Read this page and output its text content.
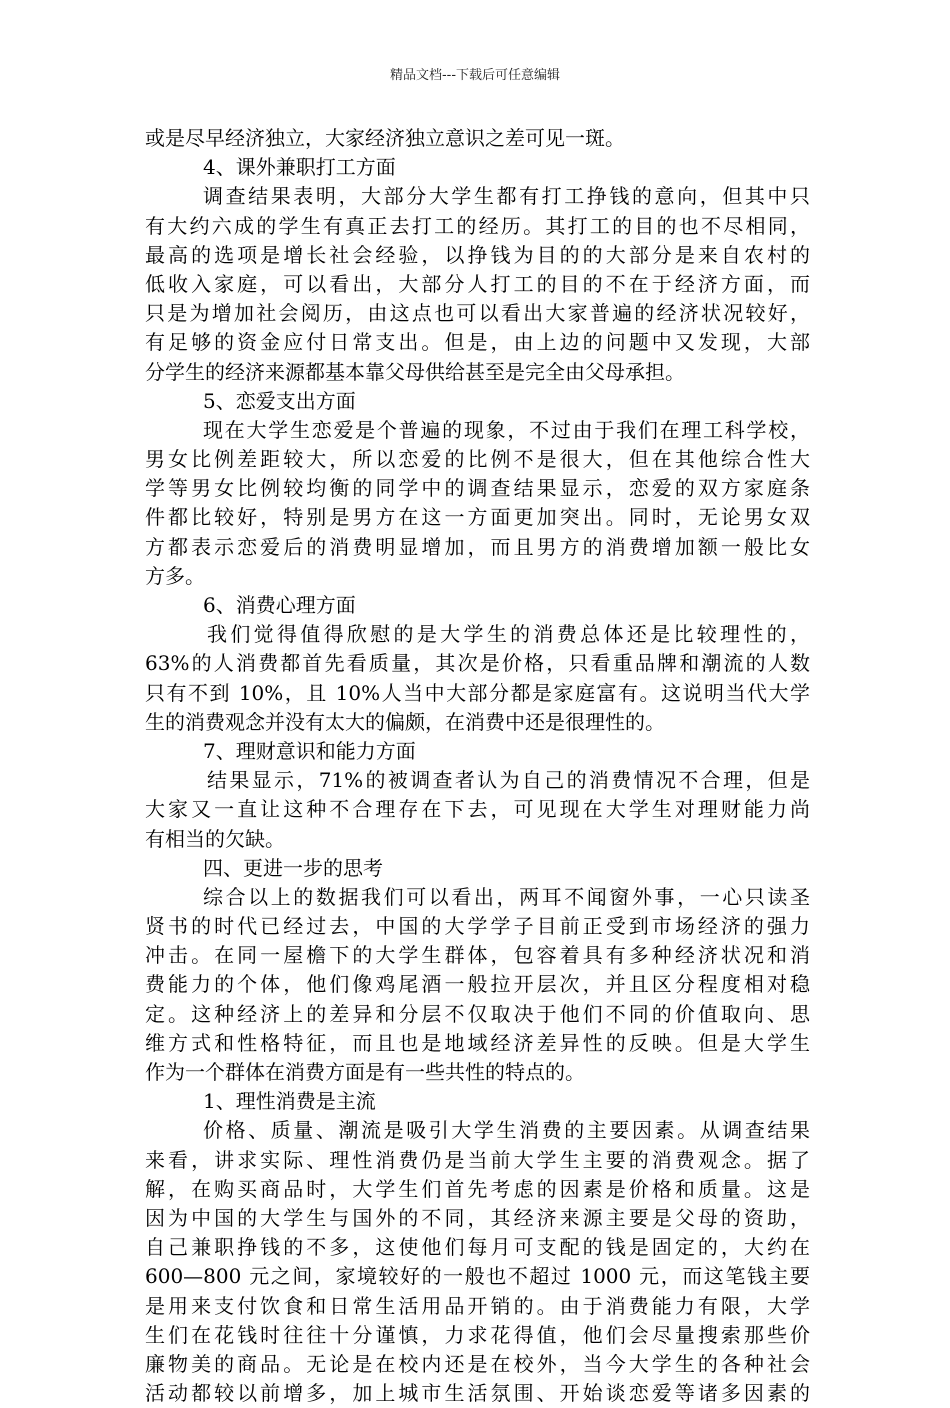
精品文档---下载后可任意编辑
或是尽早经济独立，大家经济独立意识之差可见一斑。
4、课外兼职打工方面
调查结果表明，大部分大学生都有打工挣钱的意向，但其中只
有大约六成的学生有真正去打工的经历。其打工的目的也不尽相同，
最高的选项是增长社会经验，以挣钱为目的的大部分是来自农村的
低收入家庭，可以看出，大部分人打工的目的不在于经济方面，而
只是为增加社会阅历，由这点也可以看出大家普遍的经济状况较好，
有足够的资金应付日常支出。但是，由上边的问题中又发现，大部
分学生的经济来源都基本靠父母供给甚至是完全由父母承担。
5、恋爱支出方面
现在大学生恋爱是个普遍的现象，不过由于我们在理工科学校，
男女比例差距较大，所以恋爱的比例不是很大，但在其他综合性大
学等男女比例较均衡的同学中的调查结果显示，恋爱的双方家庭条
件都比较好，特别是男方在这一方面更加突出。同时，无论男女双
方都表示恋爱后的消费明显增加，而且男方的消费增加额一般比女
方多。
6、消费心理方面
我们觉得值得欣慰的是大学生的消费总体还是比较理性的，
63%的人消费都首先看质量，其次是价格，只看重品牌和潮流的人数
只有不到 10%，且 10%人当中大部分都是家庭富有。这说明当代大学
生的消费观念并没有太大的偏颇，在消费中还是很理性的。
7、理财意识和能力方面
结果显示，71%的被调查者认为自己的消费情况不合理，但是
大家又一直让这种不合理存在下去，可见现在大学生对理财能力尚
有相当的欠缺。
四、更进一步的思考
综合以上的数据我们可以看出，两耳不闻窗外事，一心只读圣
贤书的时代已经过去，中国的大学学子目前正受到市场经济的强力
冲击。在同一屋檐下的大学生群体，包容着具有多种经济状况和消
费能力的个体，他们像鸡尾酒一般拉开层次，并且区分程度相对稳
定。这种经济上的差异和分层不仅取决于他们不同的价值取向、思
维方式和性格特征，而且也是地域经济差异性的反映。但是大学生
作为一个群体在消费方面是有一些共性的特点的。
1、理性消费是主流
价格、质量、潮流是吸引大学生消费的主要因素。从调查结果
来看，讲求实际、理性消费仍是当前大学生主要的消费观念。据了
解，在购买商品时，大学生们首先考虑的因素是价格和质量。这是
因为中国的大学生与国外的不同，其经济来源主要是父母的资助，
自己兼职挣钱的不多，这使他们每月可支配的钱是固定的，大约在
600—800 元之间，家境较好的一般也不超过 1000 元，而这笔钱主要
是用来支付饮食和日常生活用品开销的。由于消费能力有限，大学
生们在花钱时往往十分谨慎，力求花得值，他们会尽量搜索那些价
廉物美的商品。无论是在校内还是在校外，当今大学生的各种社会
活动都较以前增多，加上城市生活氛围、开始谈恋爱等诸多因素的
